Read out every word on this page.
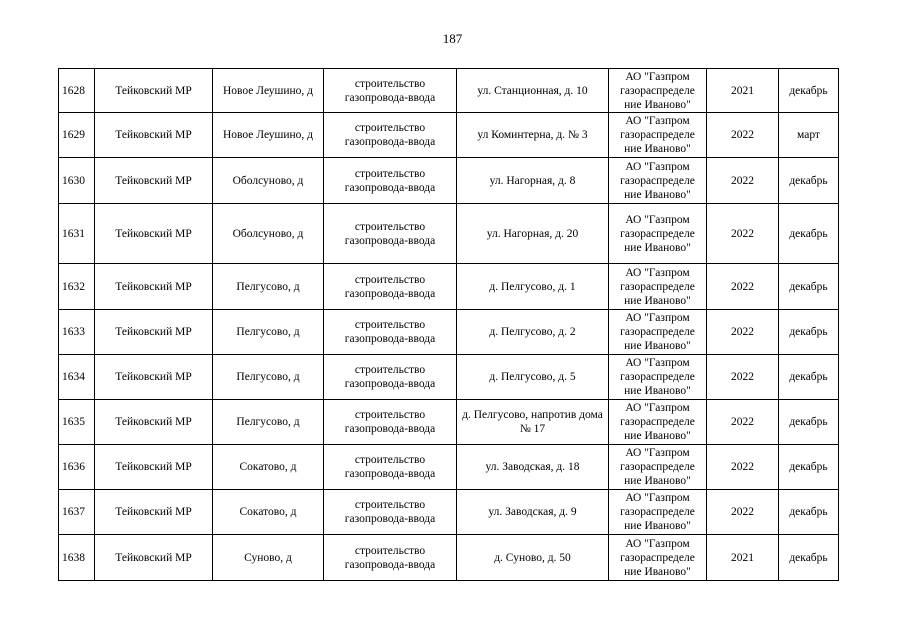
187
1628	Тейковский МР	Новое Леушино, д	строительство газопровода-ввода	ул. Станционная, д. 10	АО "Газпром газораспределе ние Иваново"	2021	декабрь
1629	Тейковский МР	Новое Леушино, д	строительство газопровода-ввода	ул Коминтерна, д. № 3	АО "Газпром газораспределе ние Иваново"	2022	март
1630	Тейковский МР	Оболсуново, д	строительство газопровода-ввода	ул. Нагорная, д. 8	АО "Газпром газораспределе ние Иваново"	2022	декабрь
1631	Тейковский МР	Оболсуново, д	строительство газопровода-ввода	ул. Нагорная, д. 20	АО "Газпром газораспределе ние Иваново"	2022	декабрь
1632	Тейковский МР	Пелгусово, д	строительство газопровода-ввода	д. Пелгусово, д. 1	АО "Газпром газораспределе ние Иваново"	2022	декабрь
1633	Тейковский МР	Пелгусово, д	строительство газопровода-ввода	д. Пелгусово, д. 2	АО "Газпром газораспределе ние Иваново"	2022	декабрь
1634	Тейковский МР	Пелгусово, д	строительство газопровода-ввода	д. Пелгусово, д. 5	АО "Газпром газораспределе ние Иваново"	2022	декабрь
1635	Тейковский МР	Пелгусово, д	строительство газопровода-ввода	д. Пелгусово, напротив дома № 17	АО "Газпром газораспределе ние Иваново"	2022	декабрь
1636	Тейковский МР	Сокатово, д	строительство газопровода-ввода	ул. Заводская, д. 18	АО "Газпром газораспределе ние Иваново"	2022	декабрь
1637	Тейковский МР	Сокатово, д	строительство газопровода-ввода	ул. Заводская, д. 9	АО "Газпром газораспределе ние Иваново"	2022	декабрь
1638	Тейковский МР	Суново, д	строительство газопровода-ввода	д. Суново, д. 50	АО "Газпром газораспределе ние Иваново"	2021	декабрь
